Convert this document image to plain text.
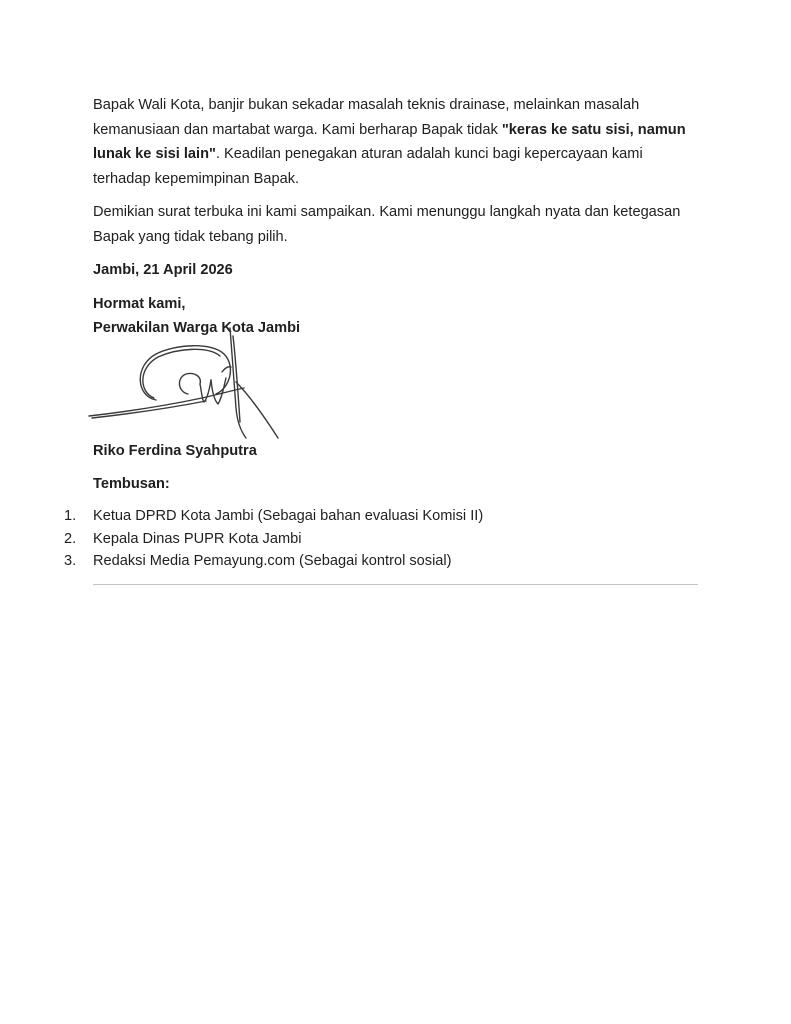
Bapak Wali Kota, banjir bukan sekadar masalah teknis drainase, melainkan masalah kemanusiaan dan martabat warga. Kami berharap Bapak tidak "keras ke satu sisi, namun lunak ke sisi lain". Keadilan penegakan aturan adalah kunci bagi kepercayaan kami terhadap kepemimpinan Bapak.

Demikian surat terbuka ini kami sampaikan. Kami menunggu langkah nyata dan ketegasan Bapak yang tidak tebang pilih.

Jambi, 21 April 2026

Hormat kami,

Perwakilan Warga Kota Jambi

Riko Ferdina Syahputra

Tembusan:

1. Ketua DPRD Kota Jambi (Sebagai bahan evaluasi Komisi II)
2. Kepala Dinas PUPR Kota Jambi
3. Redaksi Media Pemayung.com (Sebagai kontrol sosial)
